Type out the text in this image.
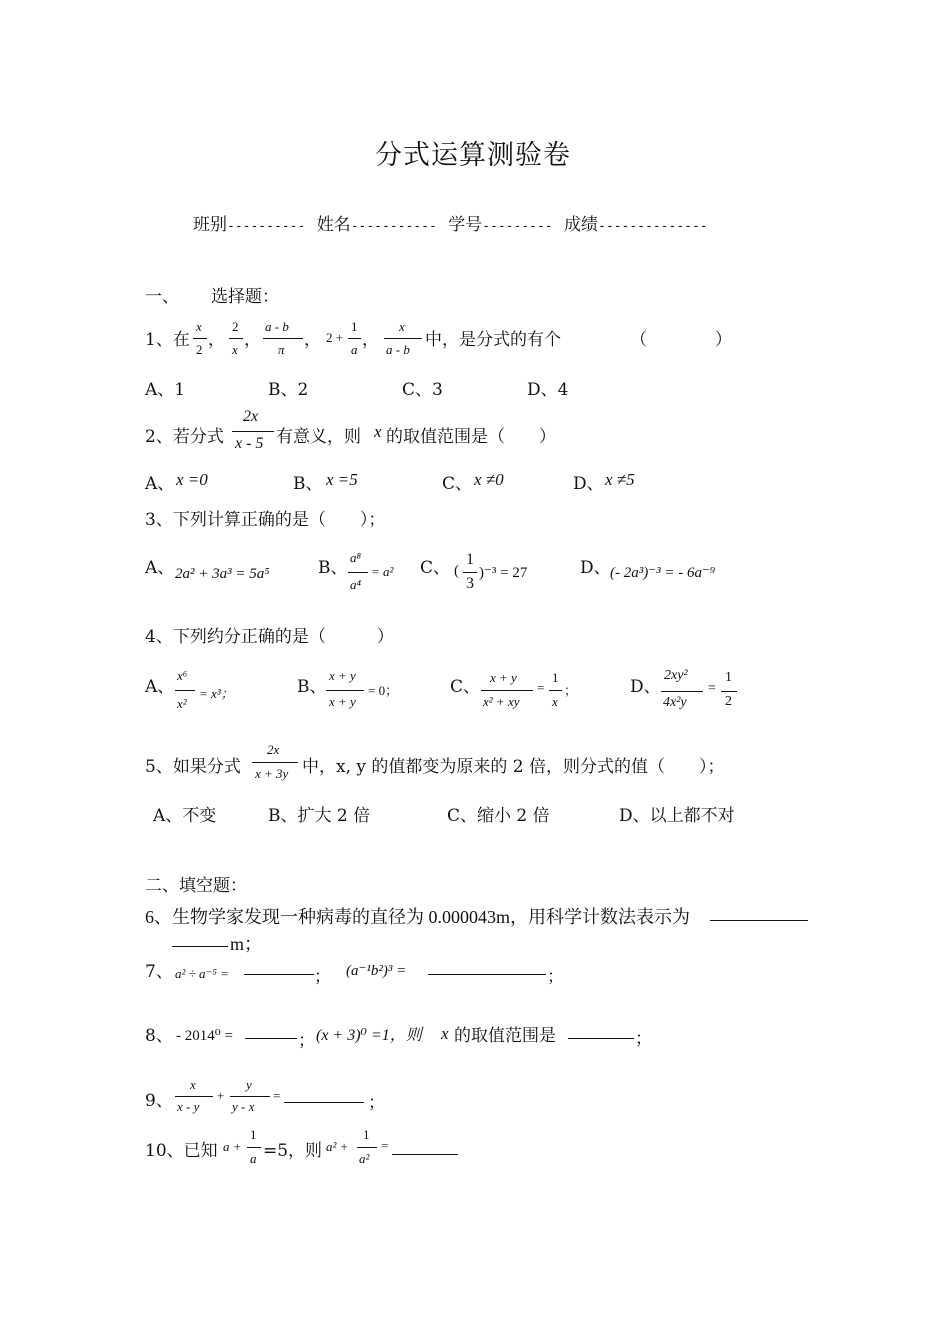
分式运算测验卷
班别---------- 姓名----------- 学号--------- 成绩--------------
一、 选择题：
1、在
x
2 ，
2
x ，
a - b
π ， 2 +
1
a ，
x
a - b 中，是分式的有个	（　　　　）
A、1	B、2	C、3	D、4
2、若分式
2x
x - 5 有意义，则 x 的取值范围是（　　）
A、 x =0	B、 x =5	C、 x ≠0	D、 x ≠5
3、下列计算正确的是（　　）；
A、 2a² + 3a³ = 5a⁵	B、
a⁸
a⁴
= a² C、 (
1
3
)⁻³ = 27	D、 (- 2a³)⁻³ = - 6a⁻⁹
4、下列约分正确的是（　　　）
A、
x⁶
x²
= x³；	B、
x + y
x + y
= 0；	C、 x + y
x² + xy
=
1
x
；	D、
2xy²
4x²y
=
1
2
5、如果分式
2x
x + 3y 中，x, y 的值都变为原来的 2 倍，则分式的值（　　）；
A、不变	B、扩大 2 倍	C、缩小 2 倍	D、以上都不对
二、填空题：
6、生物学家发现一种病毒的直径为 0.000043m，用科学计数法表示为
m；
7、 a² ÷ a⁻⁵ =	； (a⁻¹b²)³ =	；
8、 - 2014⁰ =	； (x + 3)⁰ =1，则 x 的取值范围是	；
9、
x
x - y
+
y
y - x
=	；
10、已知 a +
1
a =5，则 a² +
1
a²
=
